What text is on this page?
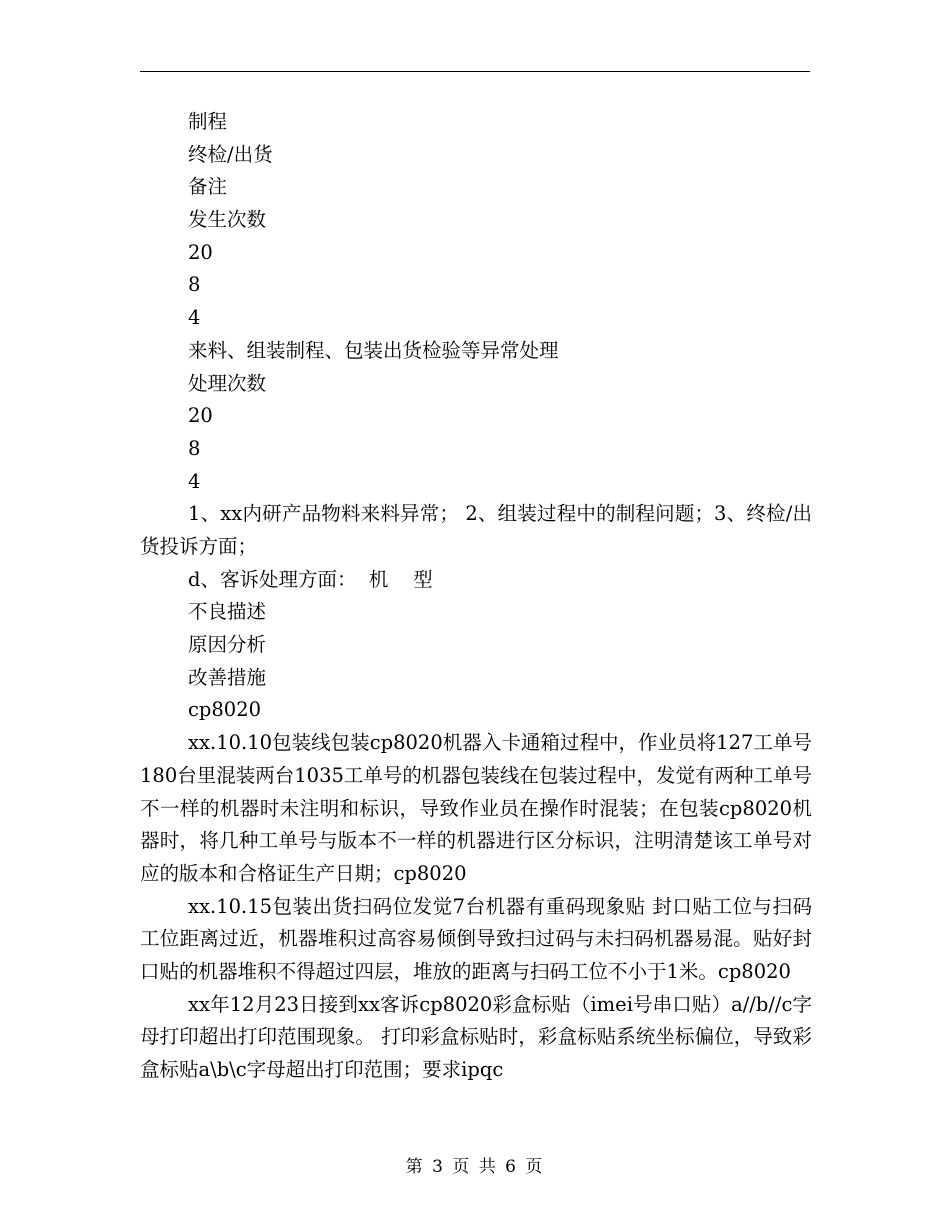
制程
终检/出货
备注
发生次数
20
8
4
来料、组装制程、包装出货检验等异常处理
处理次数
20
8
4

1、xx内研产品物料来料异常； 2、组装过程中的制程问题；3、终检/出货投诉方面；

d、客诉处理方面：  机    型
不良描述
原因分析
改善措施
cp8020

xx.10.10包装线包装cp8020机器入卡通箱过程中，作业员将127工单号180台里混装两台1035工单号的机器包装线在包装过程中，发觉有两种工单号不一样的机器时未注明和标识，导致作业员在操作时混装；在包装cp8020机器时，将几种工单号与版本不一样的机器进行区分标识，注明清楚该工单号对应的版本和合格证生产日期；cp8020

xx.10.15包装出货扫码位发觉7台机器有重码现象贴 封口贴工位与扫码工位距离过近，机器堆积过高容易倾倒导致扫过码与未扫码机器易混。贴好封口贴的机器堆积不得超过四层，堆放的距离与扫码工位不小于1米。cp8020

xx年12月23日接到xx客诉cp8020彩盒标贴（imei号串口贴）a//b//c字母打印超出打印范围现象。 打印彩盒标贴时，彩盒标贴系统坐标偏位，导致彩盒标贴a\b\c字母超出打印范围；要求ipqc

第 3 页 共 6 页
